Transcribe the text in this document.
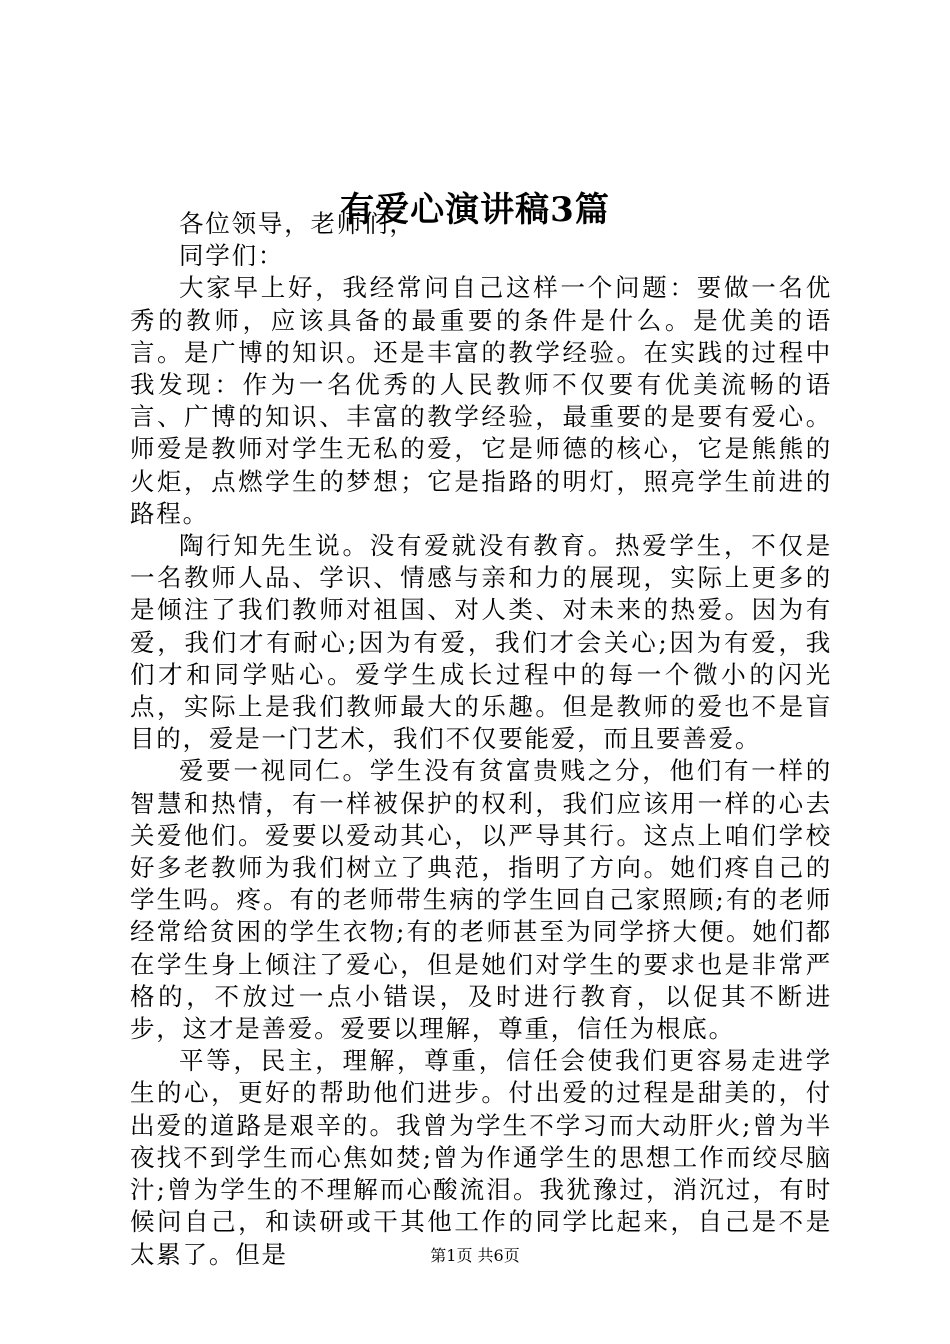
有爱心演讲稿3篇

各位领导，老师们，

同学们：

大家早上好，我经常问自己这样一个问题：要做一名优秀的教师，应该具备的最重要的条件是什么。是优美的语言。是广博的知识。还是丰富的教学经验。在实践的过程中我发现：作为一名优秀的人民教师不仅要有优美流畅的语言、广博的知识、丰富的教学经验，最重要的是要有爱心。师爱是教师对学生无私的爱，它是师德的核心，它是熊熊的火炬，点燃学生的梦想；它是指路的明灯，照亮学生前进的路程。

陶行知先生说。没有爱就没有教育。热爱学生，不仅是一名教师人品、学识、情感与亲和力的展现，实际上更多的是倾注了我们教师对祖国、对人类、对未来的热爱。因为有爱，我们才有耐心;因为有爱，我们才会关心;因为有爱，我们才和同学贴心。爱学生成长过程中的每一个微小的闪光点，实际上是我们教师最大的乐趣。但是教师的爱也不是盲目的，爱是一门艺术，我们不仅要能爱，而且要善爱。

爱要一视同仁。学生没有贫富贵贱之分，他们有一样的智慧和热情，有一样被保护的权利，我们应该用一样的心去关爱他们。爱要以爱动其心，以严导其行。这点上咱们学校好多老教师为我们树立了典范，指明了方向。她们疼自己的学生吗。疼。有的老师带生病的学生回自己家照顾;有的老师经常给贫困的学生衣物;有的老师甚至为同学挤大便。她们都在学生身上倾注了爱心，但是她们对学生的要求也是非常严格的，不放过一点小错误，及时进行教育，以促其不断进步，这才是善爱。爱要以理解，尊重，信任为根底。

平等，民主，理解，尊重，信任会使我们更容易走进学生的心，更好的帮助他们进步。付出爱的过程是甜美的，付出爱的道路是艰辛的。我曾为学生不学习而大动肝火;曾为半夜找不到学生而心焦如焚;曾为作通学生的思想工作而绞尽脑汁;曾为学生的不理解而心酸流泪。我犹豫过，消沉过，有时候问自己，和读研或干其他工作的同学比起来，自己是不是太累了。但是	第1页 共6页
